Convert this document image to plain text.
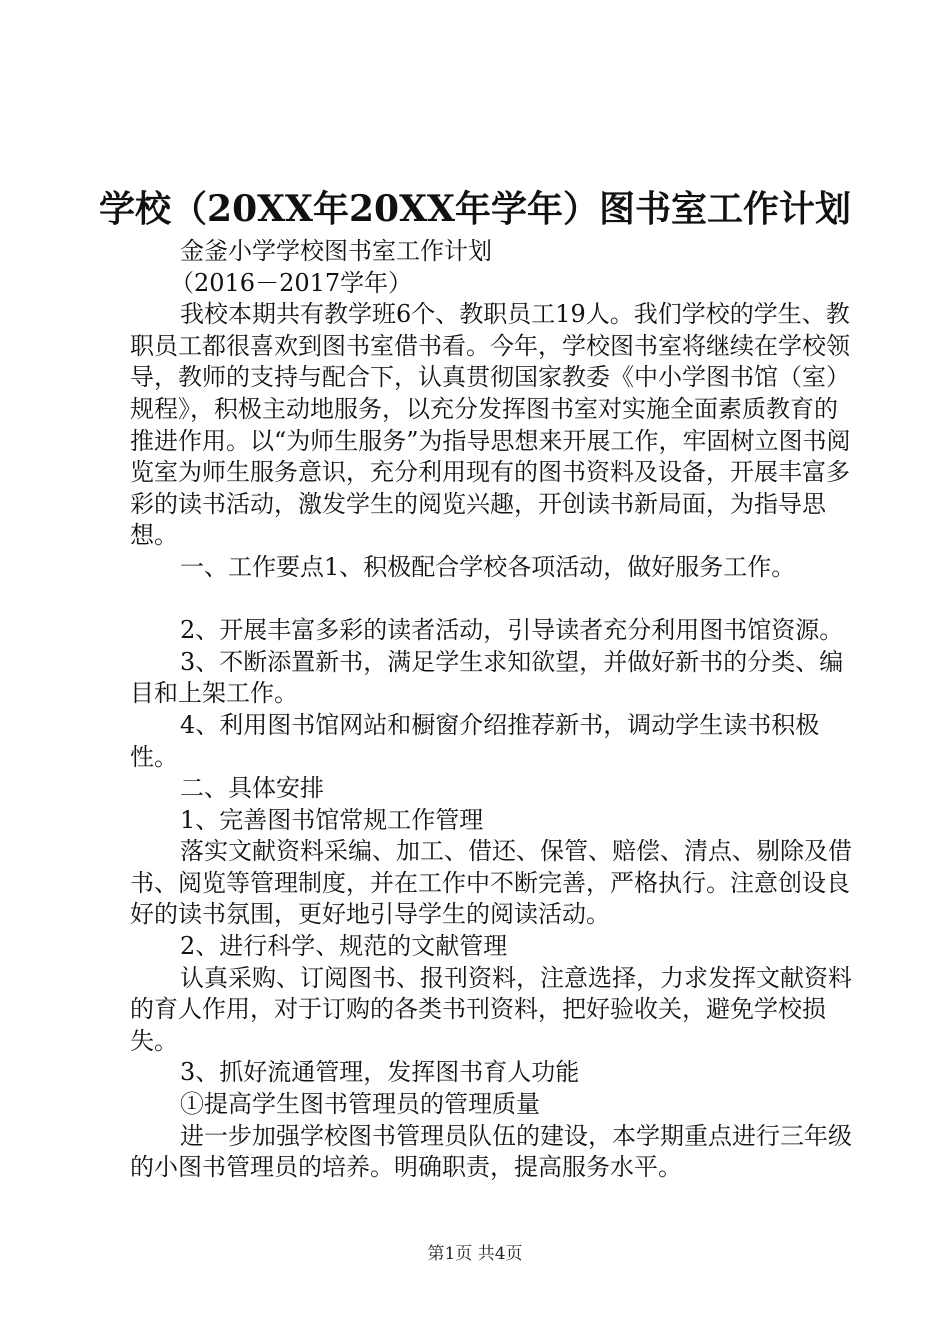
学校（20XX年20XX年学年）图书室工作计划

金釜小学学校图书室工作计划

（2016－2017学年）

我校本期共有教学班6个、教职员工19人。我们学校的学生、教职员工都很喜欢到图书室借书看。今年，学校图书室将继续在学校领导，教师的支持与配合下，认真贯彻国家教委《中小学图书馆（室）规程》，积极主动地服务，以充分发挥图书室对实施全面素质教育的推进作用。以“为师生服务”为指导思想来开展工作，牢固树立图书阅览室为师生服务意识，充分利用现有的图书资料及设备，开展丰富多彩的读书活动，激发学生的阅览兴趣，开创读书新局面，为指导思想。

一、工作要点1、积极配合学校各项活动，做好服务工作。

2、开展丰富多彩的读者活动，引导读者充分利用图书馆资源。

3、不断添置新书，满足学生求知欲望，并做好新书的分类、编目和上架工作。

4、利用图书馆网站和橱窗介绍推荐新书，调动学生读书积极性。

二、具体安排

1、完善图书馆常规工作管理

落实文献资料采编、加工、借还、保管、赔偿、清点、剔除及借书、阅览等管理制度，并在工作中不断完善，严格执行。注意创设良好的读书氛围，更好地引导学生的阅读活动。

2、进行科学、规范的文献管理

认真采购、订阅图书、报刊资料，注意选择，力求发挥文献资料的育人作用，对于订购的各类书刊资料，把好验收关，避免学校损失。

3、抓好流通管理，发挥图书育人功能

①提高学生图书管理员的管理质量

进一步加强学校图书管理员队伍的建设，本学期重点进行三年级的小图书管理员的培养。明确职责，提高服务水平。

第1页 共4页
